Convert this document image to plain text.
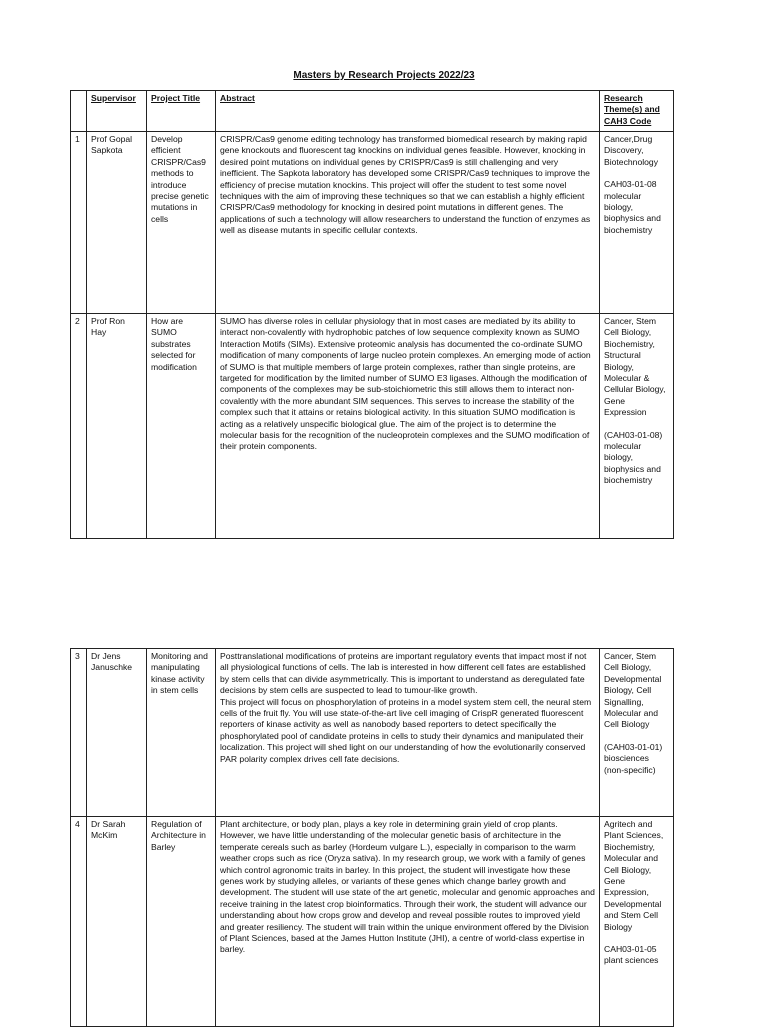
Masters by Research Projects 2022/23
	Supervisor	Project Title	Abstract	Research Theme(s) and CAH3 Code
1	Prof Gopal Sapkota	Develop efficient CRISPR/Cas9 methods to introduce precise genetic mutations in cells	CRISPR/Cas9 genome editing technology has transformed biomedical research by making rapid gene knockouts and fluorescent tag knockins on individual genes feasible. However, knocking in desired point mutations on individual genes by CRISPR/Cas9 is still challenging and very inefficient. The Sapkota laboratory has developed some CRISPR/Cas9 techniques to improve the efficiency of precise mutation knockins. This project will offer the student to test some novel techniques with the aim of improving these techniques so that we can establish a highly efficient CRISPR/Cas9 methodology for knocking in desired point mutations in different genes. The applications of such a technology will allow researchers to understand the function of enzymes as well as disease mutants in specific cellular contexts.	Cancer,Drug Discovery, Biotechnology
CAH03-01-08 molecular biology, biophysics and biochemistry

2	Prof Ron Hay	How are SUMO substrates selected for modification	SUMO has diverse roles in cellular physiology that in most cases are mediated by its ability to interact non-covalently with hydrophobic patches of low sequence complexity known as SUMO Interaction Motifs (SIMs). Extensive proteomic analysis has documented the co-ordinate SUMO modification of many components of large nucleo protein complexes. An emerging mode of action of SUMO is that multiple members of large protein complexes, rather than single proteins, are targeted for modification by the limited number of SUMO E3 ligases. Although the modification of components of the complexes may be sub-stoichiometric this still allows them to interact non-covalently with the more abundant SIM sequences. This serves to increase the stability of the complex such that it attains or retains biological activity. In this situation SUMO modification is acting as a relatively unspecific biological glue. The aim of the project is to determine the molecular basis for the recognition of the nucleoprotein complexes and the SUMO modification of their protein components.	Cancer, Stem Cell Biology, Biochemistry, Structural Biology, Molecular & Cellular Biology, Gene Expression
(CAH03-01-08) molecular biology, biophysics and biochemistry
3	Dr Jens Januschke	Monitoring and manipulating kinase activity in stem cells	Posttranslational modifications of proteins are important regulatory events that impact most if not all physiological functions of cells. The lab is interested in how different cell fates are established by stem cells that can divide asymmetrically. This is important to understand as deregulated fate decisions by stem cells are suspected to lead to tumour-like growth.
This project will focus on phosphorylation of proteins in a model system stem cell, the neural stem cells of the fruit fly. You will use state-of-the-art live cell imaging of CrispR generated fluorescent reporters of kinase activity as well as nanobody based reporters to detect specifically the phosphorylated pool of candidate proteins in cells to study their dynamics and manipulated their localization. This project will shed light on our understanding of how the evolutionarily conserved PAR polarity complex drives cell fate decisions.	Cancer, Stem Cell Biology, Developmental Biology, Cell Signalling, Molecular and Cell Biology
(CAH03-01-01) biosciences (non-specific)

4	Dr Sarah McKim	Regulation of Architecture in Barley	Plant architecture, or body plan, plays a key role in determining grain yield of crop plants. However, we have little understanding of the molecular genetic basis of architecture in the temperate cereals such as barley (Hordeum vulgare L.), especially in comparison to the warm weather crops such as rice (Oryza sativa). In my research group, we work with a family of genes which control agronomic traits in barley. In this project, the student will investigate how these genes work by studying alleles, or variants of these genes which change barley growth and development. The student will use state of the art genetic, molecular and genomic approaches and receive training in the latest crop bioinformatics. Through their work, the student will advance our understanding about how crops grow and develop and reveal possible routes to improved yield and greater resiliency. The student will train within the unique environment offered by the Division of Plant Sciences, based at the James Hutton Institute (JHI), a centre of world-class expertise in barley.	Agritech and Plant Sciences, Biochemistry, Molecular and Cell Biology, Gene Expression, Developmental and Stem Cell Biology
CAH03-01-05 plant sciences
